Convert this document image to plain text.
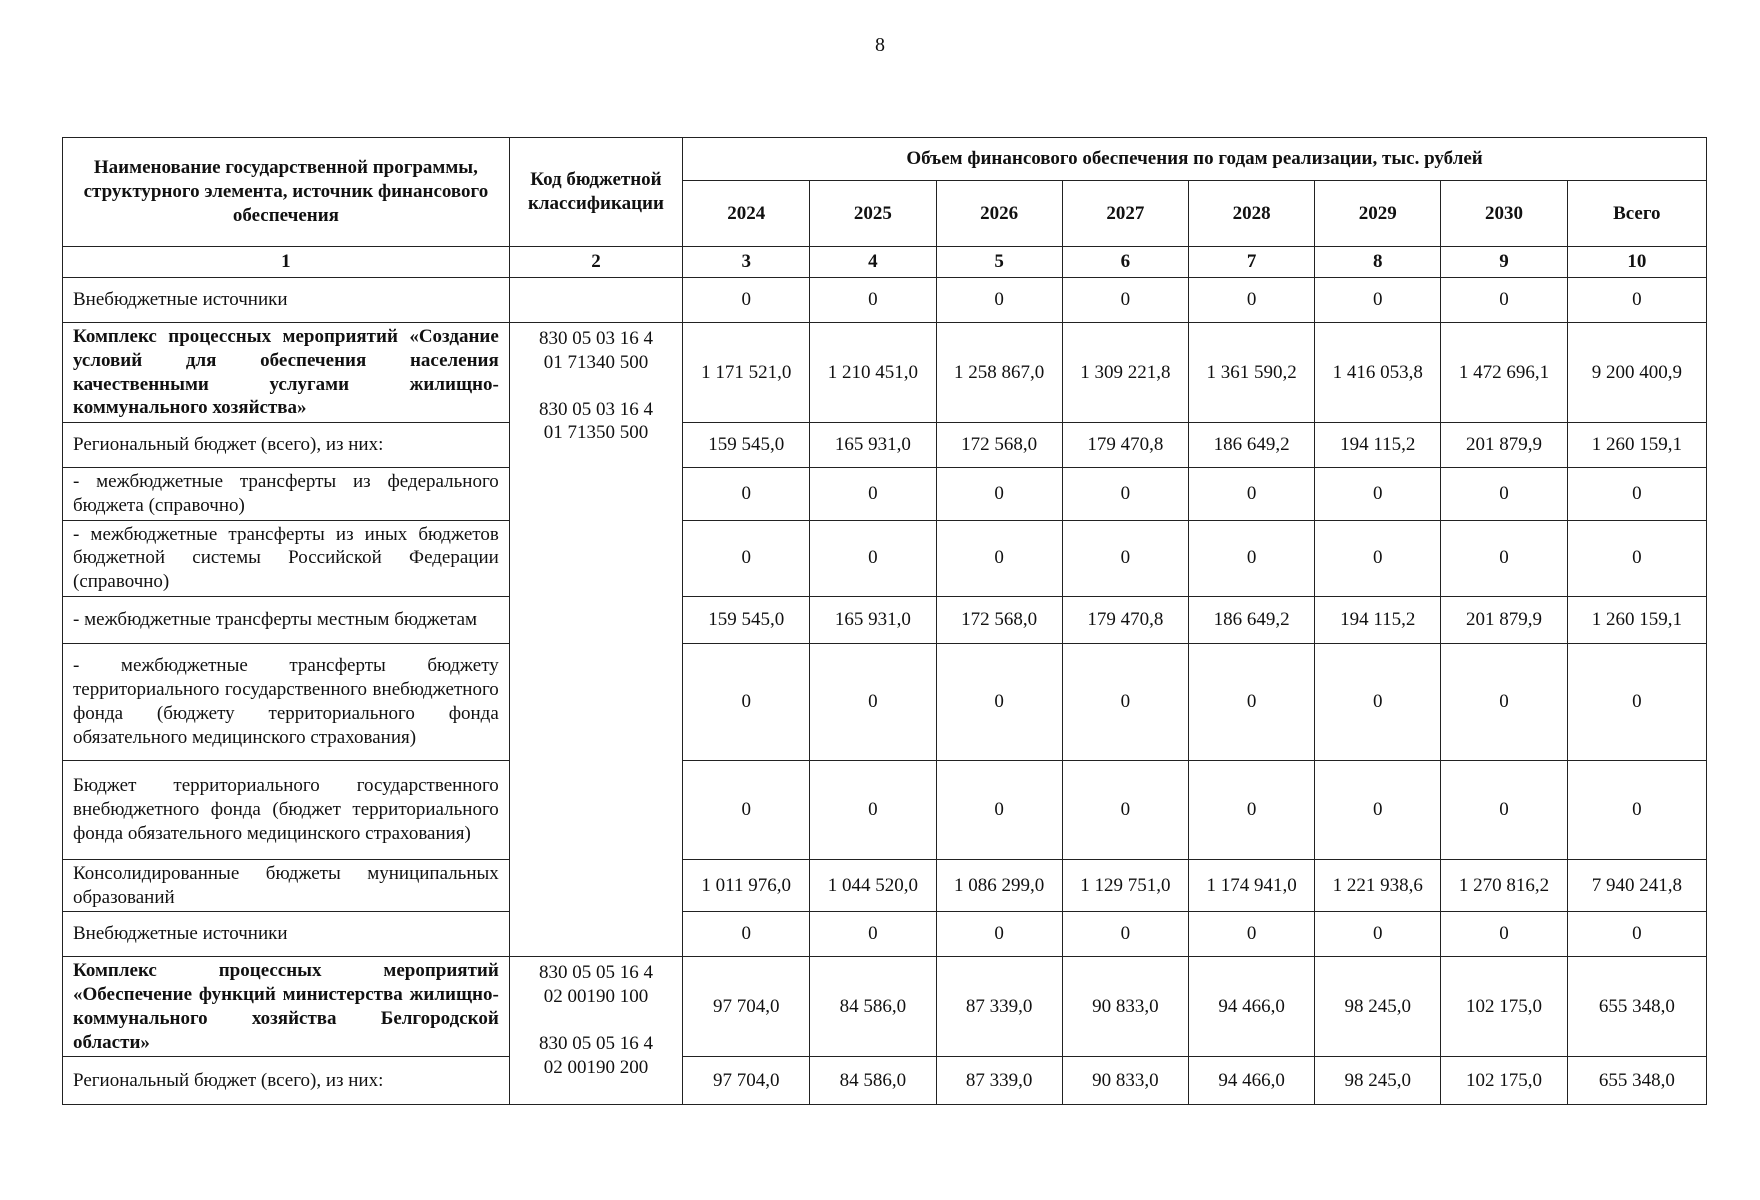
8
Наименование государственной программы, структурного элемента, источник финансового обеспечения	Код бюджетной классификации	Объем финансового обеспечения по годам реализации, тыс. рублей							
		2024	2025	2026	2027	2028	2029	2030	Всего
1	2	3	4	5	6	7	8	9	10
Внебюджетные источники		0	0	0	0	0	0	0	0
Комплекс процессных мероприятий «Создание условий для обеспечения населения качественными услугами жилищно-коммунального хозяйства»	830 05 03 16 4
01 71340 500
830 05 03 16 4
01 71350 500	1 171 521,0	1 210 451,0	1 258 867,0	1 309 221,8	1 361 590,2	1 416 053,8	1 472 696,1	9 200 400,9
Региональный бюджет (всего), из них:		159 545,0	165 931,0	172 568,0	179 470,8	186 649,2	194 115,2	201 879,9	1 260 159,1
- межбюджетные трансферты из федерального бюджета (справочно)		0	0	0	0	0	0	0	0
- межбюджетные трансферты из иных бюджетов бюджетной системы Российской Федерации (справочно)		0	0	0	0	0	0	0	0
- межбюджетные трансферты местным бюджетам		159 545,0	165 931,0	172 568,0	179 470,8	186 649,2	194 115,2	201 879,9	1 260 159,1
- межбюджетные трансферты бюджету территориального государственного внебюджетного фонда (бюджету территориального фонда обязательного медицинского страхования)		0	0	0	0	0	0	0	0
Бюджет территориального государственного внебюджетного фонда (бюджет территориального фонда обязательного медицинского страхования)		0	0	0	0	0	0	0	0
Консолидированные бюджеты муниципальных образований		1 011 976,0	1 044 520,0	1 086 299,0	1 129 751,0	1 174 941,0	1 221 938,6	1 270 816,2	7 940 241,8
Внебюджетные источники		0	0	0	0	0	0	0	0
Комплекс процессных мероприятий «Обеспечение функций министерства жилищно-коммунального хозяйства Белгородской области»	830 05 05 16 4
02 00190 100
830 05 05 16 4
02 00190 200	97 704,0	84 586,0	87 339,0	90 833,0	94 466,0	98 245,0	102 175,0	655 348,0
Региональный бюджет (всего), из них:		97 704,0	84 586,0	87 339,0	90 833,0	94 466,0	98 245,0	102 175,0	655 348,0
